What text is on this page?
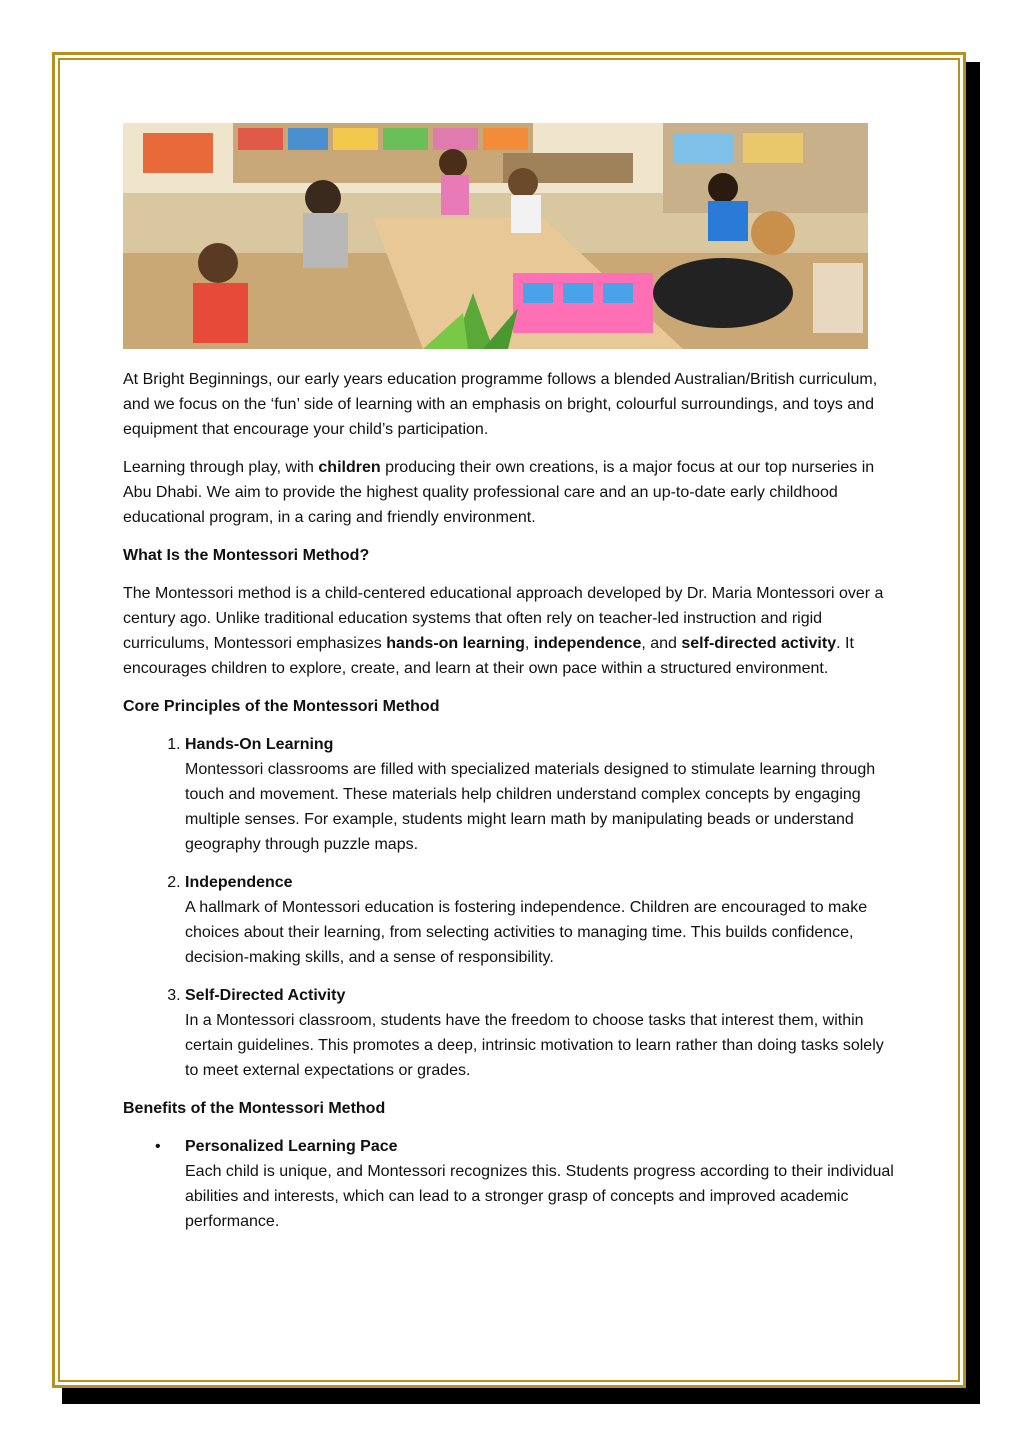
At Bright Beginnings, our early years education programme follows a blended Australian/British curriculum, and we focus on the ‘fun’ side of learning with an emphasis on bright, colourful surroundings, and toys and equipment that encourage your child’s participation.

Learning through play, with children producing their own creations, is a major focus at our top nurseries in Abu Dhabi. We aim to provide the highest quality professional care and an up-to-date early childhood educational program, in a caring and friendly environment.

What Is the Montessori Method?

The Montessori method is a child-centered educational approach developed by Dr. Maria Montessori over a century ago. Unlike traditional education systems that often rely on teacher-led instruction and rigid curriculums, Montessori emphasizes hands-on learning, independence, and self-directed activity. It encourages children to explore, create, and learn at their own pace within a structured environment.

Core Principles of the Montessori Method
1. Hands-On Learning
Montessori classrooms are filled with specialized materials designed to stimulate learning through touch and movement. These materials help children understand complex concepts by engaging multiple senses. For example, students might learn math by manipulating beads or understand geography through puzzle maps.
2. Independence
A hallmark of Montessori education is fostering independence. Children are encouraged to make choices about their learning, from selecting activities to managing time. This builds confidence, decision-making skills, and a sense of responsibility.
3. Self-Directed Activity
In a Montessori classroom, students have the freedom to choose tasks that interest them, within certain guidelines. This promotes a deep, intrinsic motivation to learn rather than doing tasks solely to meet external expectations or grades.
Benefits of the Montessori Method
• Personalized Learning Pace
Each child is unique, and Montessori recognizes this. Students progress according to their individual abilities and interests, which can lead to a stronger grasp of concepts and improved academic performance.
